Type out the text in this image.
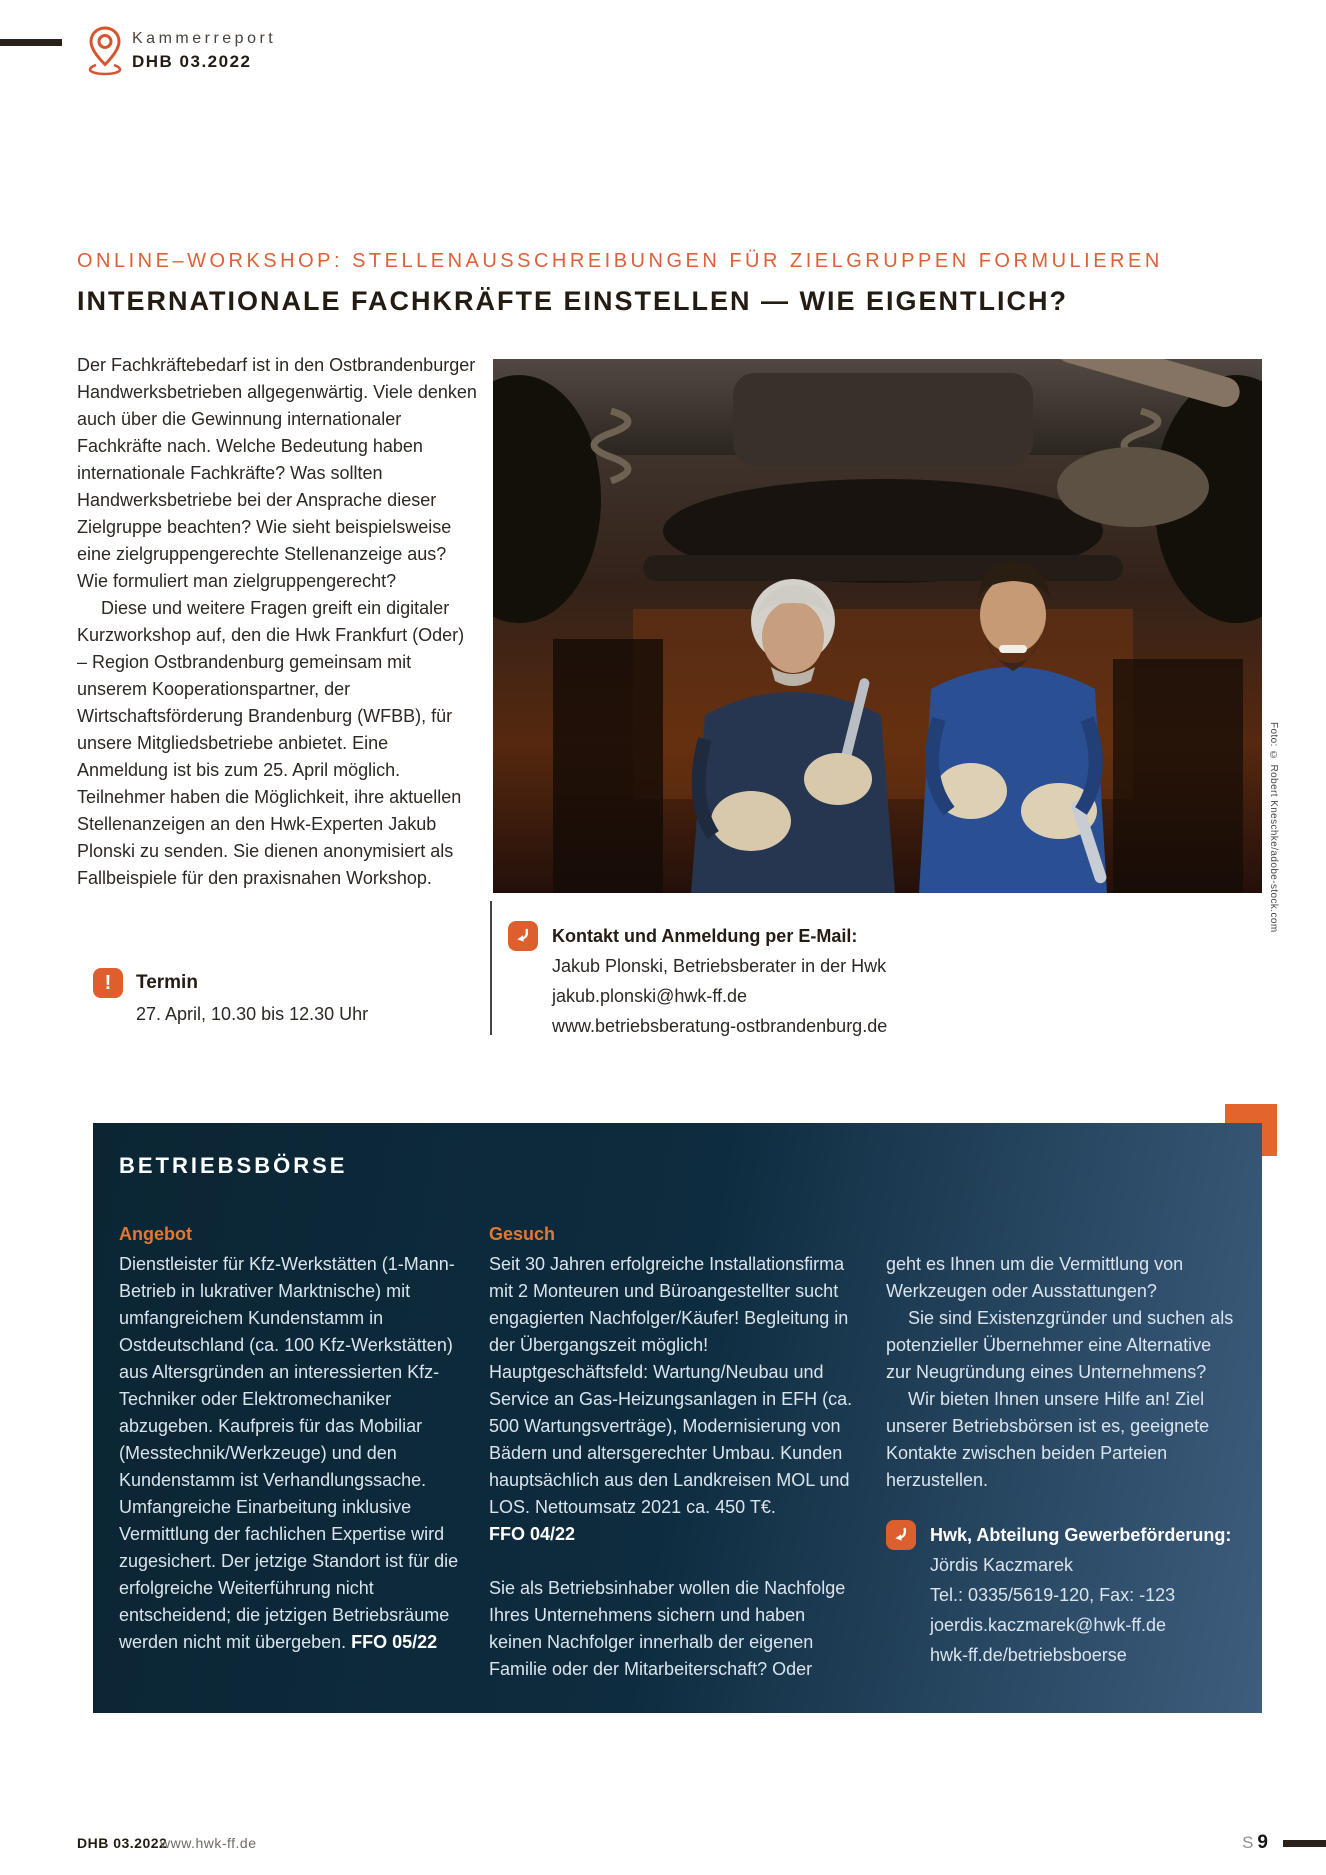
Kammerreport
DHB 03.2022
ONLINE–WORKSHOP: STELLENAUSSCHREIBUNGEN FÜR ZIELGRUPPEN FORMULIEREN
INTERNATIONALE FACHKRÄFTE EINSTELLEN — WIE EIGENTLICH?

Der Fachkräftebedarf ist in den Ostbrandenburger Handwerksbetrieben allgegenwärtig. Viele denken auch über die Gewinnung internationaler Fachkräfte nach. Welche Bedeutung haben internationale Fachkräfte? Was sollten Handwerksbetriebe bei der Ansprache dieser Zielgruppe beachten? Wie sieht beispielsweise eine zielgruppengerechte Stellenanzeige aus? Wie formuliert man zielgruppengerecht?

Diese und weitere Fragen greift ein digitaler Kurzworkshop auf, den die Hwk Frankfurt (Oder) – Region Ostbrandenburg gemeinsam mit unserem Kooperationspartner, der Wirtschaftsförderung Brandenburg (WFBB), für unsere Mitgliedsbetriebe anbietet. Eine Anmeldung ist bis zum 25. April möglich. Teilnehmer haben die Möglichkeit, ihre aktuellen Stellenanzeigen an den Hwk-Experten Jakub Plonski zu senden. Sie dienen anonymisiert als Fallbeispiele für den praxisnahen Workshop.	Foto: © Robert Kneschke/adobe-stock.com
!	Termin
27. April, 10.30 bis 12.30 Uhr
Kontakt und Anmeldung per E-Mail:
Jakub Plonski, Betriebsberater in der Hwk
jakub.plonski@hwk-ff.de
www.betriebsberatung-ostbrandenburg.de
BETRIEBSBÖRSE
Angebot

Dienstleister für Kfz-Werkstätten (1-Mann-Betrieb in lukrativer Marktnische) mit umfangreichem Kundenstamm in Ostdeutschland (ca. 100 Kfz-Werkstätten) aus Altersgründen an interessierten Kfz-Techniker oder Elektromechaniker abzugeben. Kaufpreis für das Mobiliar (Messtechnik/Werkzeuge) und den Kundenstamm ist Verhandlungssache. Umfangreiche Einarbeitung inklusive Vermittlung der fachlichen Expertise wird zugesichert. Der jetzige Standort ist für die erfolgreiche Weiterführung nicht entscheidend; die jetzigen Betriebsräume werden nicht mit übergeben. FFO 05/22

Gesuch

Seit 30 Jahren erfolgreiche Installationsfirma mit 2 Monteuren und Büroangestellter sucht engagierten Nachfolger/Käufer! Begleitung in der Übergangszeit möglich! Hauptgeschäftsfeld: Wartung/Neubau und Service an Gas-Heizungsanlagen in EFH (ca. 500 Wartungsverträge), Modernisierung von Bädern und altersgerechter Umbau. Kunden hauptsächlich aus den Landkreisen MOL und LOS. Nettoumsatz 2021 ca. 450 T€.
FFO 04/22

Sie als Betriebsinhaber wollen die Nachfolge Ihres Unternehmens sichern und haben keinen Nachfolger innerhalb der eigenen Familie oder der Mitarbeiterschaft? Oder

geht es Ihnen um die Vermittlung von Werkzeugen oder Ausstattungen?

Sie sind Existenzgründer und suchen als potenzieller Übernehmer eine Alternative zur Neugründung eines Unternehmens?

Wir bieten Ihnen unsere Hilfe an! Ziel unserer Betriebsbörsen ist es, geeignete Kontakte zwischen beiden Parteien herzustellen.

Hwk, Abteilung Gewerbeförderung:
Jördis Kaczmarek
Tel.: 0335/5619-120, Fax: -123
joerdis.kaczmarek@hwk-ff.de
hwk-ff.de/betriebsboerse
DHB 03.2022
www.hwk-ff.de	S 9
